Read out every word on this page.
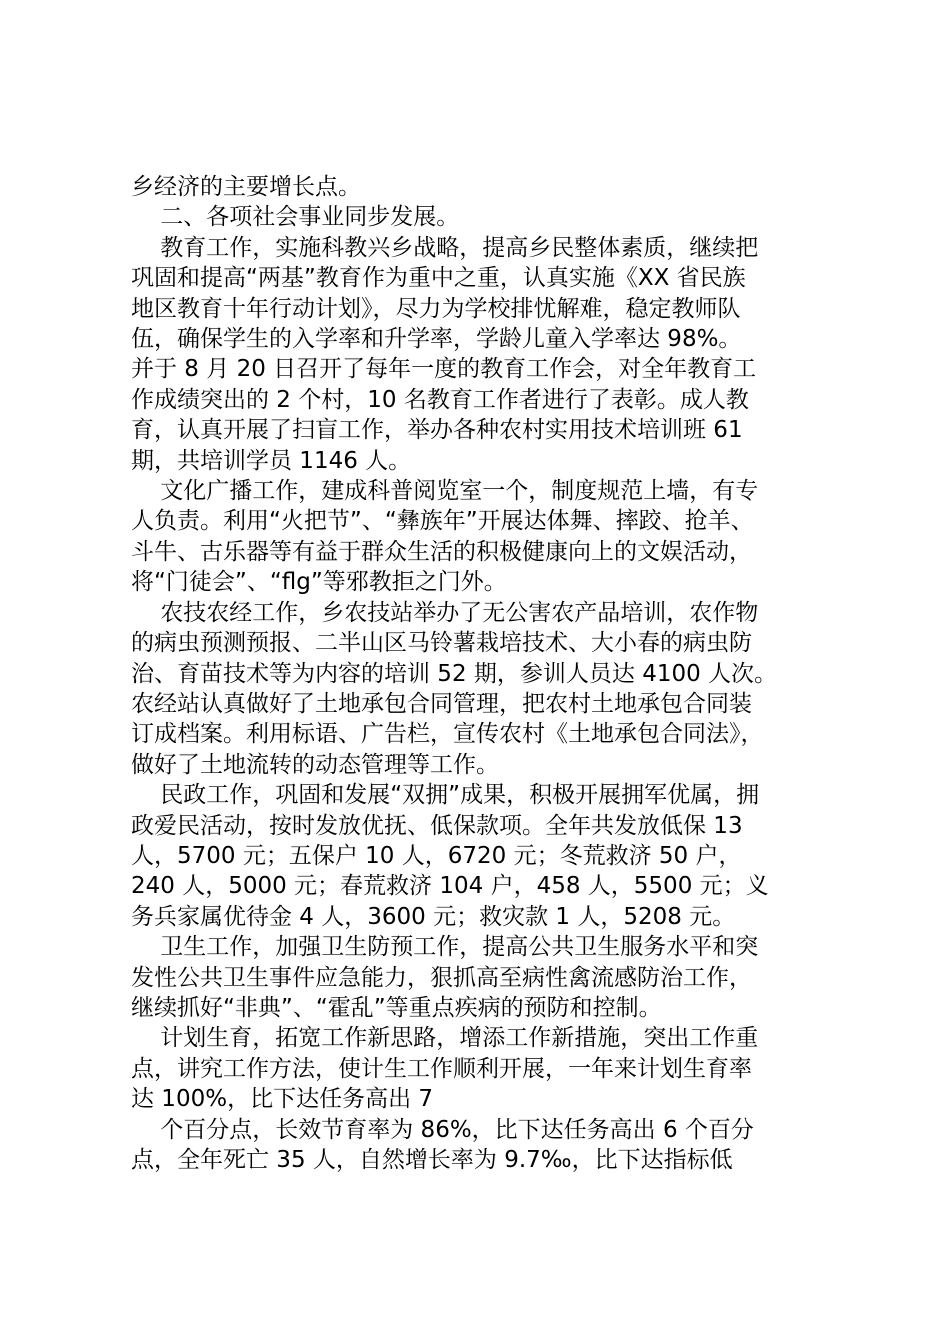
乡经济的主要增长点。
二、各项社会事业同步发展。
教育工作，实施科教兴乡战略，提高乡民整体素质，继续把
巩固和提高“两基”教育作为重中之重，认真实施《XX 省民族
地区教育十年行动计划》，尽力为学校排忧解难，稳定教师队
伍，确保学生的入学率和升学率，学龄儿童入学率达 98%。
并于 8 月 20 日召开了每年一度的教育工作会，对全年教育工
作成绩突出的 2 个村，10 名教育工作者进行了表彰。成人教
育，认真开展了扫盲工作，举办各种农村实用技术培训班 61
期，共培训学员 1146 人。
文化广播工作，建成科普阅览室一个，制度规范上墙，有专
人负责。利用“火把节”、“彝族年”开展达体舞、摔跤、抢羊、
斗牛、古乐器等有益于群众生活的积极健康向上的文娱活动，
将“门徒会”、“flg”等邪教拒之门外。
农技农经工作，乡农技站举办了无公害农产品培训，农作物
的病虫预测预报、二半山区马铃薯栽培技术、大小春的病虫防
治、育苗技术等为内容的培训 52 期，参训人员达 4100 人次。
农经站认真做好了土地承包合同管理，把农村土地承包合同装
订成档案。利用标语、广告栏，宣传农村《土地承包合同法》，
做好了土地流转的动态管理等工作。
民政工作，巩固和发展“双拥”成果，积极开展拥军优属，拥
政爱民活动，按时发放优抚、低保款项。全年共发放低保 13
人，5700 元；五保户 10 人，6720 元；冬荒救济 50 户，
240 人，5000 元；春荒救济 104 户，458 人，5500 元；义
务兵家属优待金 4 人，3600 元；救灾款 1 人，5208 元。
卫生工作，加强卫生防预工作，提高公共卫生服务水平和突
发性公共卫生事件应急能力，狠抓高至病性禽流感防治工作，
继续抓好“非典”、“霍乱”等重点疾病的预防和控制。
计划生育，拓宽工作新思路，增添工作新措施，突出工作重
点，讲究工作方法，使计生工作顺利开展，一年来计划生育率
达 100%，比下达任务高出 7
个百分点，长效节育率为 86%，比下达任务高出 6 个百分
点，全年死亡 35 人，自然增长率为 9.7‰，比下达指标低
